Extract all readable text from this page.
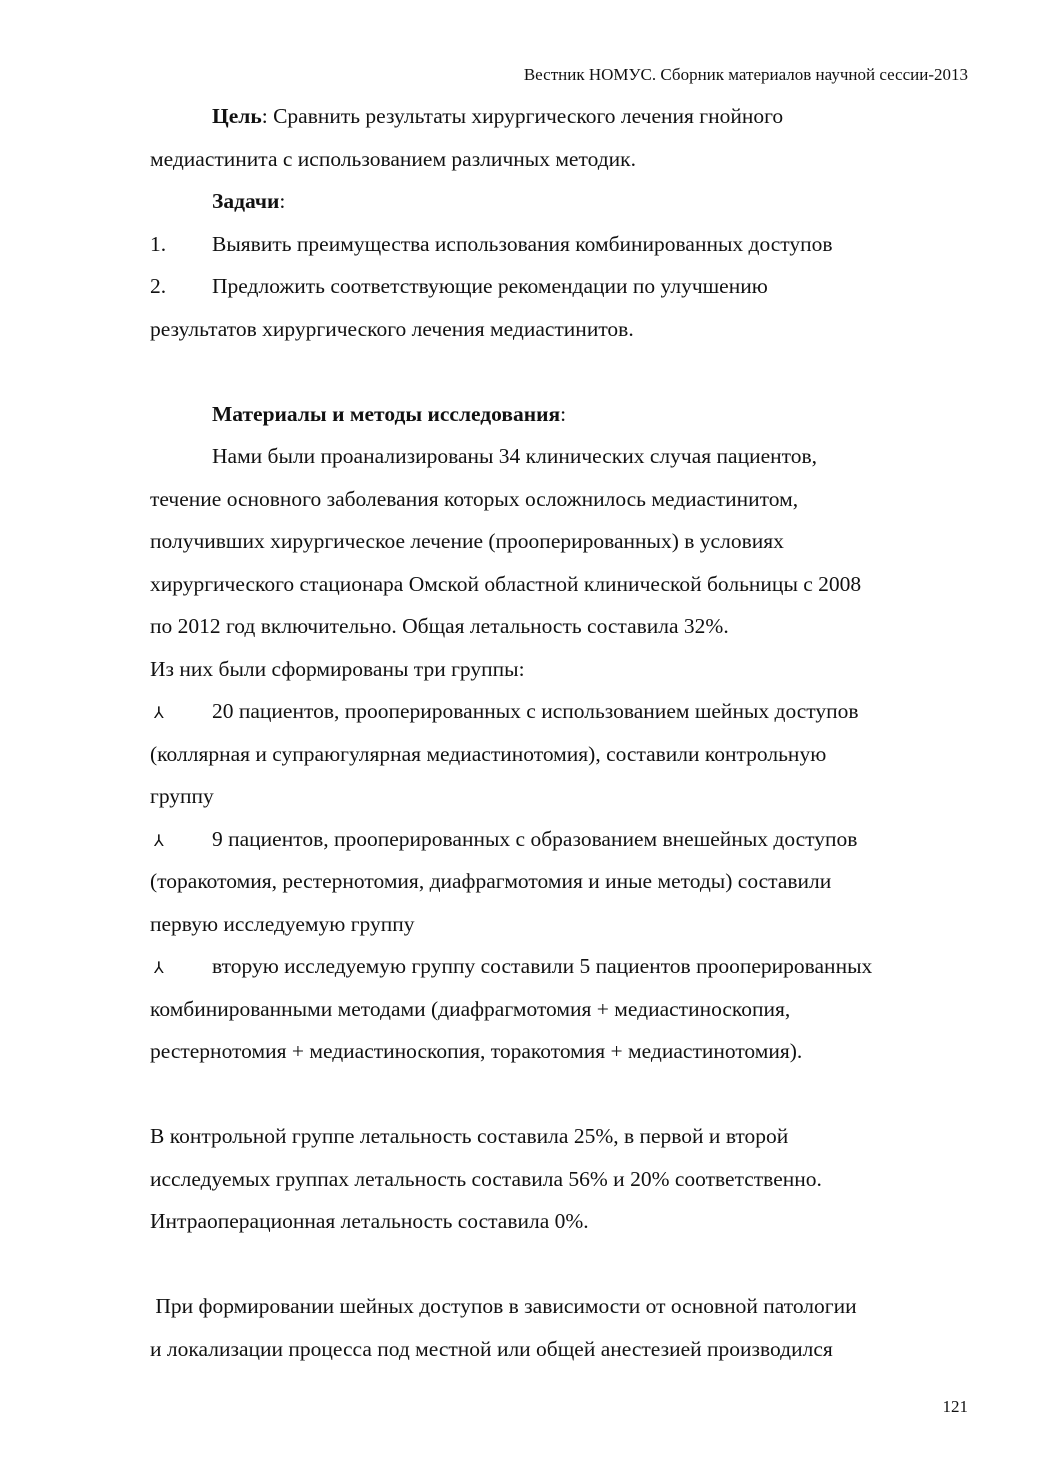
Вестник НОМУС. Сборник материалов научной сессии-2013
Цель: Сравнить результаты хирургического лечения гнойного
медиастинита с использованием различных методик.
Задачи:
1.	Выявить преимущества использования комбинированных доступов
2.	Предложить соответствующие рекомендации по улучшению
результатов хирургического лечения медиастинитов.
Материалы и методы исследования:
Нами были проанализированы 34 клинических случая пациентов,
течение основного заболевания которых осложнилось медиастинитом,
получивших хирургическое лечение (прооперированных) в условиях
хирургического стационара Омской областной клинической больницы с 2008
по 2012 год включительно. Общая летальность составила 32%.
Из них были сформированы три группы:
⅄	20 пациентов, прооперированных с использованием шейных доступов
(коллярная и супраюгулярная медиастинотомия), составили контрольную
группу
⅄	9 пациентов, прооперированных с образованием внешейных доступов
(торакотомия, рестернотомия, диафрагмотомия и иные методы) составили
первую исследуемую группу
⅄	вторую исследуемую группу составили 5 пациентов прооперированных
комбинированными методами (диафрагмотомия + медиастиноскопия,
рестернотомия + медиастиноскопия, торакотомия + медиастинотомия).
В контрольной группе летальность составила 25%, в первой и второй
исследуемых группах летальность составила 56% и 20% соответственно.
Интраоперационная летальность составила 0%.
При формировании шейных доступов в зависимости от основной патологии
и локализации процесса под местной или общей анестезией производился
121
